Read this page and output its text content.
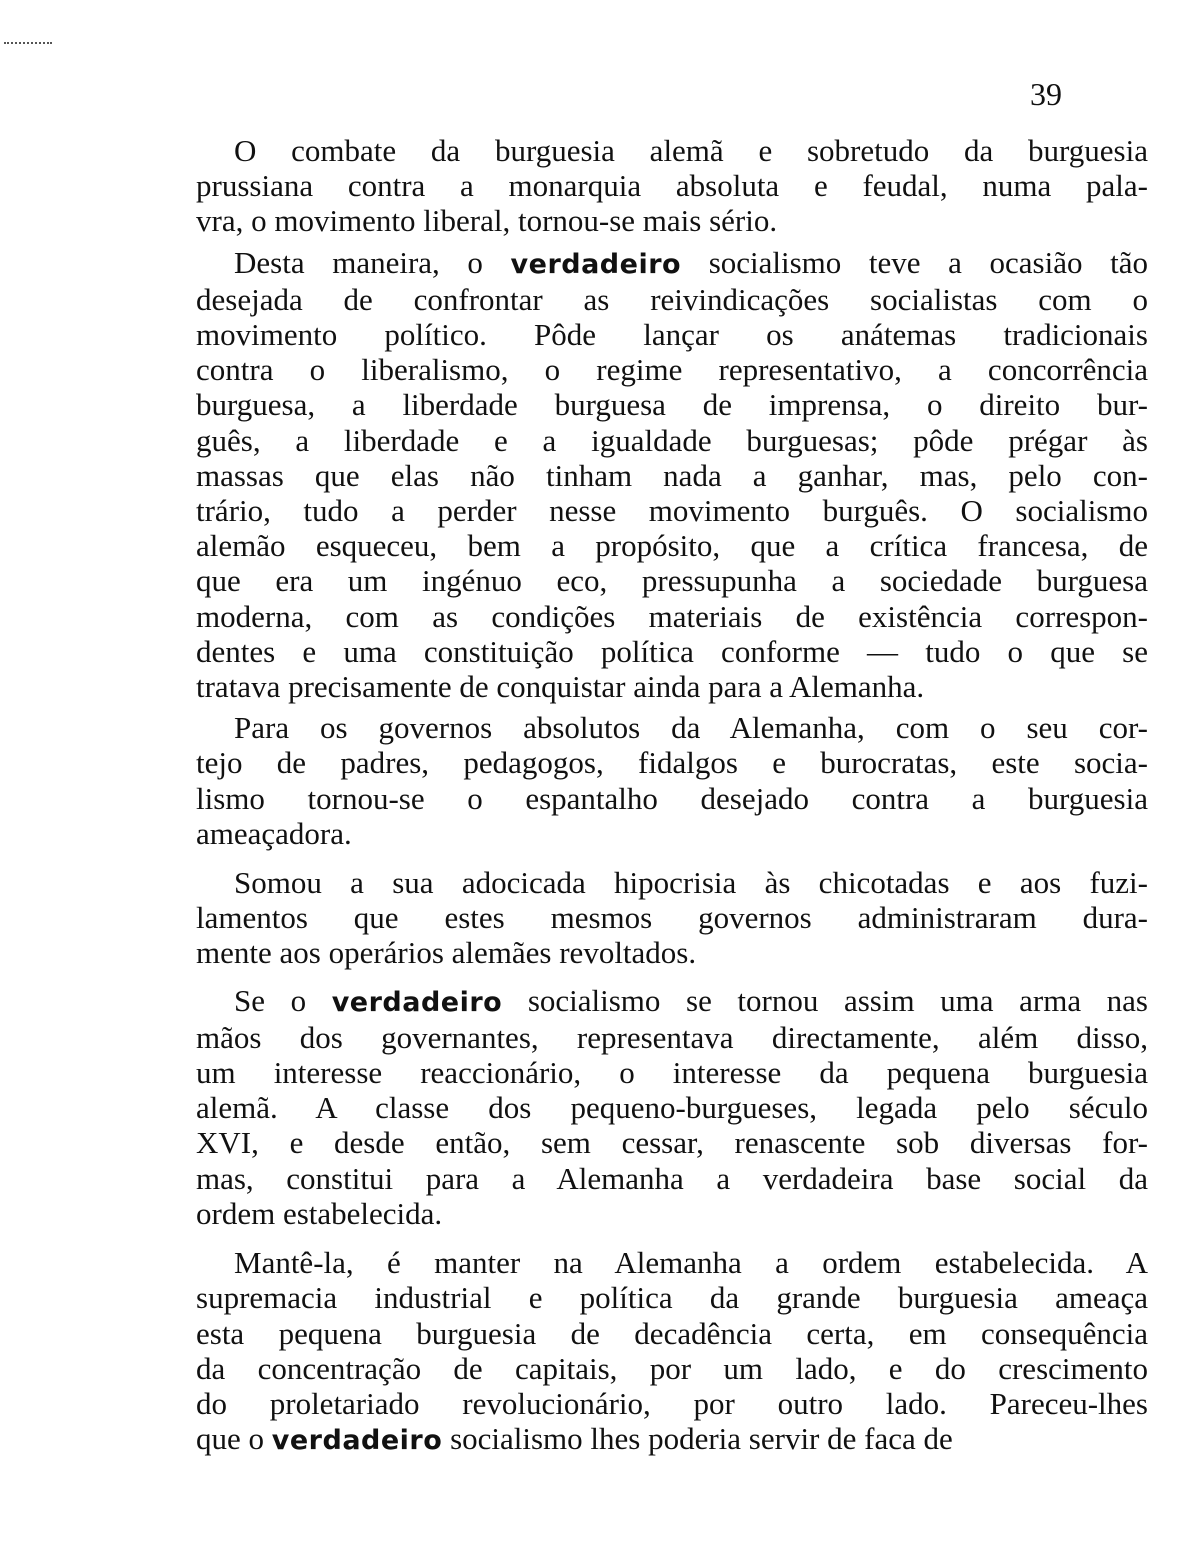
39
O combate da burguesia alemã e sobretudo da burguesia
prussiana contra a monarquia absoluta e feudal, numa pala-
vra, o movimento liberal, tornou-se mais sério.
Desta maneira, o verdadeiro socialismo teve a ocasião tão
desejada de confrontar as reivindicações socialistas com o
movimento político. Pôde lançar os anátemas tradicionais
contra o liberalismo, o regime representativo, a concorrência
burguesa, a liberdade burguesa de imprensa, o direito bur-
guês, a liberdade e a igualdade burguesas; pôde prégar às
massas que elas não tinham nada a ganhar, mas, pelo con-
trário, tudo a perder nesse movimento burguês. O socialismo
alemão esqueceu, bem a propósito, que a crítica francesa, de
que era um ingénuo eco, pressupunha a sociedade burguesa
moderna, com as condições materiais de existência correspon-
dentes e uma constituição política conforme — tudo o que se
tratava precisamente de conquistar ainda para a Alemanha.
Para os governos absolutos da Alemanha, com o seu cor-
tejo de padres, pedagogos, fidalgos e burocratas, este socia-
lismo tornou-se o espantalho desejado contra a burguesia
ameaçadora.
Somou a sua adocicada hipocrisia às chicotadas e aos fuzi-
lamentos que estes mesmos governos administraram dura-
mente aos operários alemães revoltados.
Se o verdadeiro socialismo se tornou assim uma arma nas
mãos dos governantes, representava directamente, além disso,
um interesse reaccionário, o interesse da pequena burguesia
alemã. A classe dos pequeno-burgueses, legada pelo século
XVI, e desde então, sem cessar, renascente sob diversas for-
mas, constitui para a Alemanha a verdadeira base social da
ordem estabelecida.
Mantê-la, é manter na Alemanha a ordem estabelecida. A
supremacia industrial e política da grande burguesia ameaça
esta pequena burguesia de decadência certa, em consequência
da concentração de capitais, por um lado, e do crescimento
do proletariado revolucionário, por outro lado. Pareceu-lhes
que o verdadeiro socialismo lhes poderia servir de faca de
